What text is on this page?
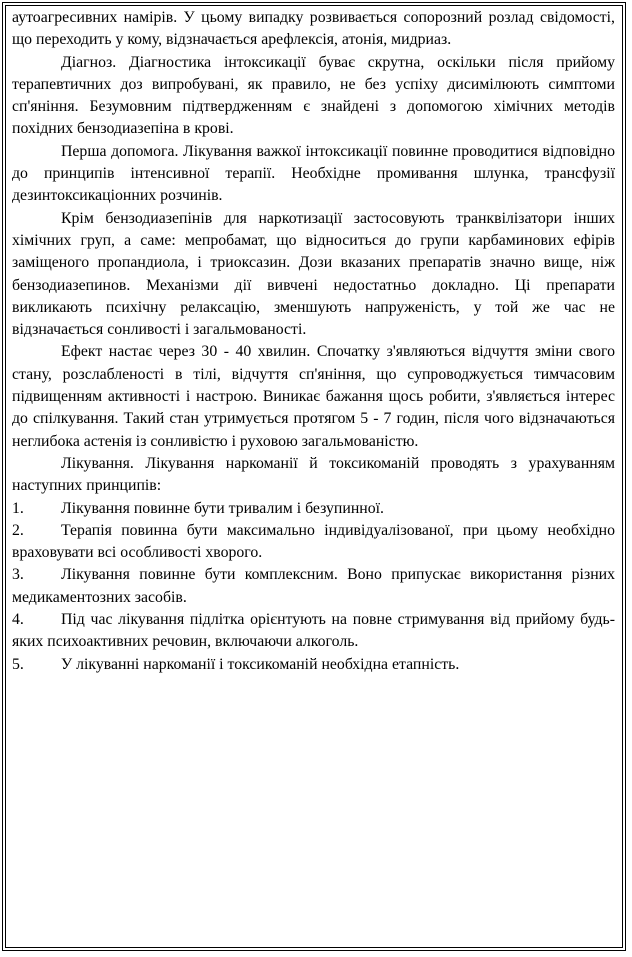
аутоагресивних намірів. У цьому випадку розвивається сопорозний розлад свідомості, що переходить у кому, відзначається арефлексія, атонія, мидриаз.

Діагноз. Діагностика інтоксикації буває скрутна, оскільки після прийому терапевтичних доз випробувані, як правило, не без успіху дисимілюють симптоми сп'яніння. Безумовним підтвердженням є знайдені з допомогою хімічних методів похідних бензодиазепіна в крові.

Перша допомога. Лікування важкої інтоксикації повинне проводитися відповідно до принципів інтенсивної терапії. Необхідне промивання шлунка, трансфузії дезинтоксикаціонних розчинів.

Крім бензодиазепінів для наркотизації застосовують транквілізатори інших хімічних груп, а саме: мепробамат, що відноситься до групи карбаминових ефірів заміщеного пропандиола, і триоксазин. Дози вказаних препаратів значно вище, ніж бензодиазепинов. Механізми дії вивчені недостатньо докладно. Ці препарати викликають психічну релаксацію, зменшують напруженість, у той же час не відзначається сонливості і загальмованості.

Ефект настає через 30 - 40 хвилин. Спочатку з'являються відчуття зміни свого стану, розслабленості в тілі, відчуття сп'яніння, що супроводжується тимчасовим підвищенням активності і настрою. Виникає бажання щось робити, з'являється інтерес до спілкування. Такий стан утримується протягом 5 - 7 годин, після чого відзначаються неглибока астенія із сонливістю і руховою загальмованістю.

Лікування. Лікування наркоманії й токсикоманій проводять з урахуванням наступних принципів:

1. Лікування повинне бути тривалим і безупинної.

2. Терапія повинна бути максимально індивідуалізованої, при цьому необхідно враховувати всі особливості хворого.

3. Лікування повинне бути комплексним. Воно припускає використання різних медикаментозних засобів.

4. Під час лікування підлітка орієнтують на повне стримування від прийому будь-яких психоактивних речовин, включаючи алкоголь.

5. У лікуванні наркоманії і токсикоманій необхідна етапність.
